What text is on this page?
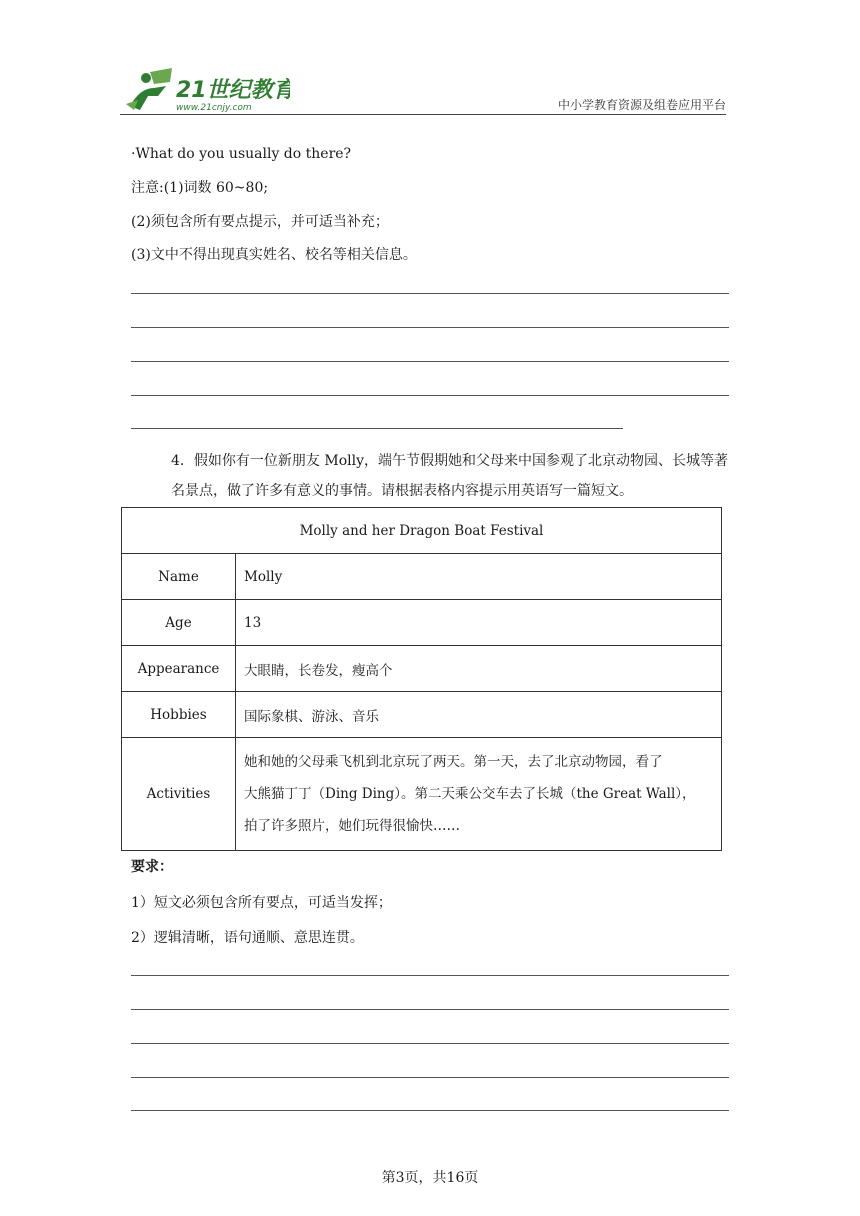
21世纪教育
www.21cnjy.com	中小学教育资源及组卷应用平台
·What do you usually do there?
注意:(1)词数 60~80;
(2)须包含所有要点提示，并可适当补充；
(3)文中不得出现真实姓名、校名等相关信息。
4．假如你有一位新朋友 Molly，端午节假期她和父母来中国参观了北京动物园、长城等著名景点，做了许多有意义的事情。请根据表格内容提示用英语写一篇短文。
Molly and her Dragon Boat Festival	
Name	Molly
Age	13
Appearance	大眼睛，长卷发，瘦高个
Hobbies	国际象棋、游泳、音乐
Activities	她和她的父母乘飞机到北京玩了两天。第一天，去了北京动物园，看了
大熊猫丁丁（Ding Ding）。第二天乘公交车去了长城（the Great Wall），
拍了许多照片，她们玩得很愉快……
要求：
1）短文必须包含所有要点，可适当发挥；
2）逻辑清晰，语句通顺、意思连贯。
第3页，共16页
